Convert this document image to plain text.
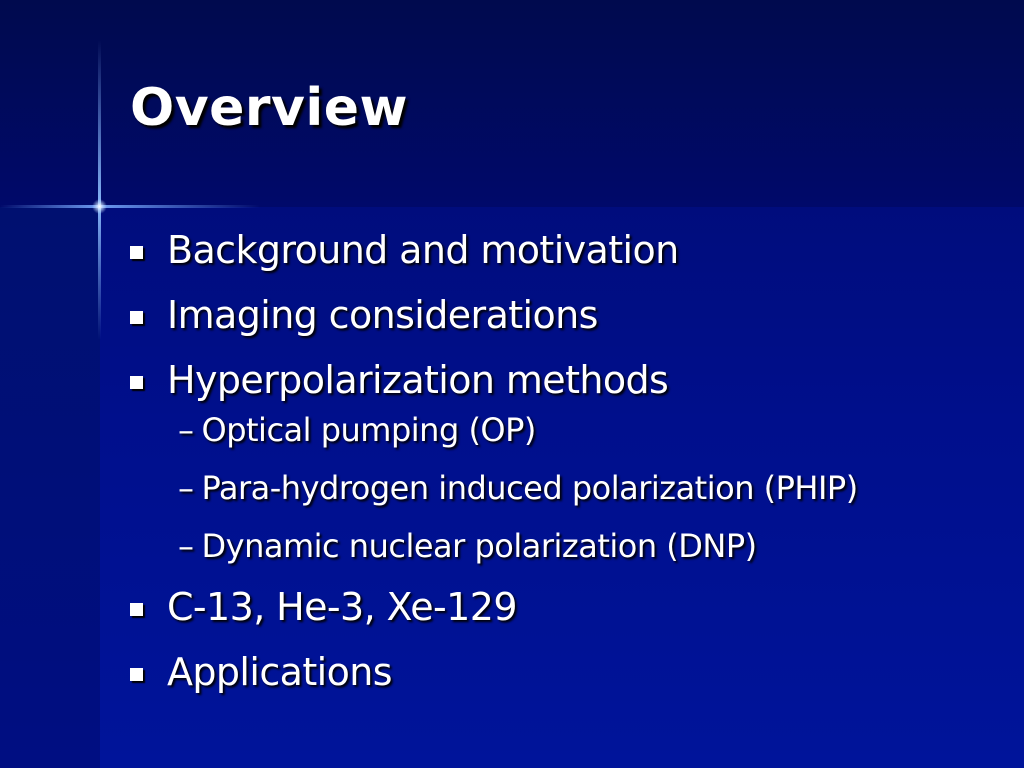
Overview
Background and motivation
Imaging considerations
Hyperpolarization methods
– Optical pumping (OP)
– Para-hydrogen induced polarization (PHIP)
– Dynamic nuclear polarization (DNP)
C-13, He-3, Xe-129
Applications
